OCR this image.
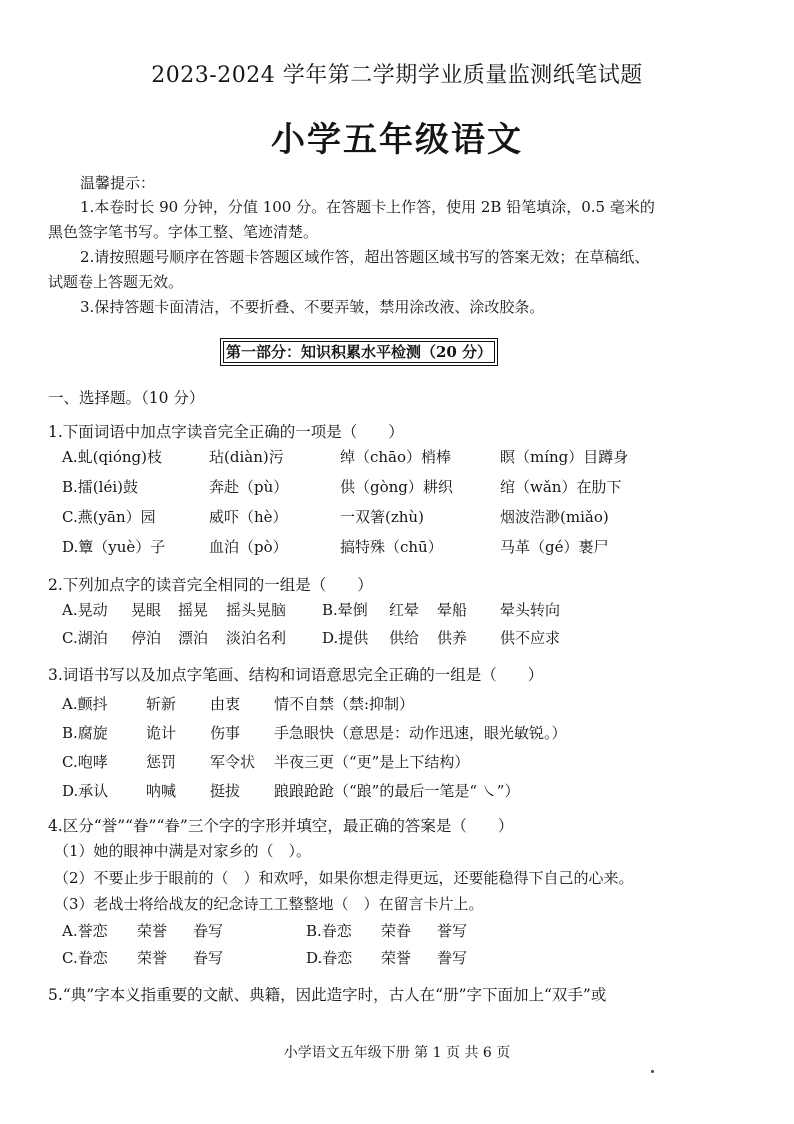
2023-2024 学年第二学期学业质量监测纸笔试题
小学五年级语文
温馨提示：
1.本卷时长 90 分钟，分值 100 分。在答题卡上作答，使用 2B 铅笔填涂，0.5 毫米的
黑色签字笔书写。字体工整、笔迹清楚。
2.请按照题号顺序在答题卡答题区域作答，超出答题区域书写的答案无效；在草稿纸、
试题卷上答题无效。
3.保持答题卡面清洁，不要折叠、不要弄皱，禁用涂改液、涂改胶条。
第一部分：知识积累水平检测（20 分）
一、选择题。（10 分）
1.下面词语中加点字读音完全正确的一项是（　　）
A.虬(qióng)枝	玷(diàn)污	绰（chāo）梢棒	瞑（míng）目蹲身
B.擂(léi)鼓	奔赴（pù）	供（gòng）耕织	绾（wǎn）在肋下
C.燕(yān）园	威吓（hè）	一双箸(zhù)	烟波浩渺(miǎo)
D.簟（yuè）子	血泊（pò）	搞特殊（chū）	马革（gé）裹尸
2.下列加点字的读音完全相同的一组是（　　）
A.晃动 晃眼 摇晃 摇头晃脑 B.晕倒 红晕 晕船 晕头转向
C.湖泊 停泊 漂泊 淡泊名利 D.提供 供给 供养 供不应求
3.词语书写以及加点字笔画、结构和词语意思完全正确的一组是（　　）
A.颤抖	斩新 由衷 情不自禁（禁:抑制）
B.腐旋	诡计 伤事 手急眼快（意思是：动作迅速，眼光敏锐。）
C.咆哮	惩罚 军令状 半夜三更（“更”是上下结构）
D.承认	呐喊 挺拔 踉踉跄跄（“踉”的最后一笔是“ ㇏”）
4.区分“誉”“眷”“眷”三个字的字形并填空，最正确的答案是（　　）
（1）她的眼神中满是对家乡的（　）。
（2）不要止步于眼前的（　）和欢呼，如果你想走得更远，还要能稳得下自己的心来。
（3）老战士将给战友的纪念诗工工整整地（　）在留言卡片上。
A.誉恋 荣誉 眷写	B.眷恋 荣眷 誉写
C.眷恋 荣誉 眷写	D.眷恋 荣誉 誊写
5.“典”字本义指重要的文献、典籍，因此造字时，古人在“册”字下面加上“双手”或
小学语文五年级下册 第 1 页 共 6 页
